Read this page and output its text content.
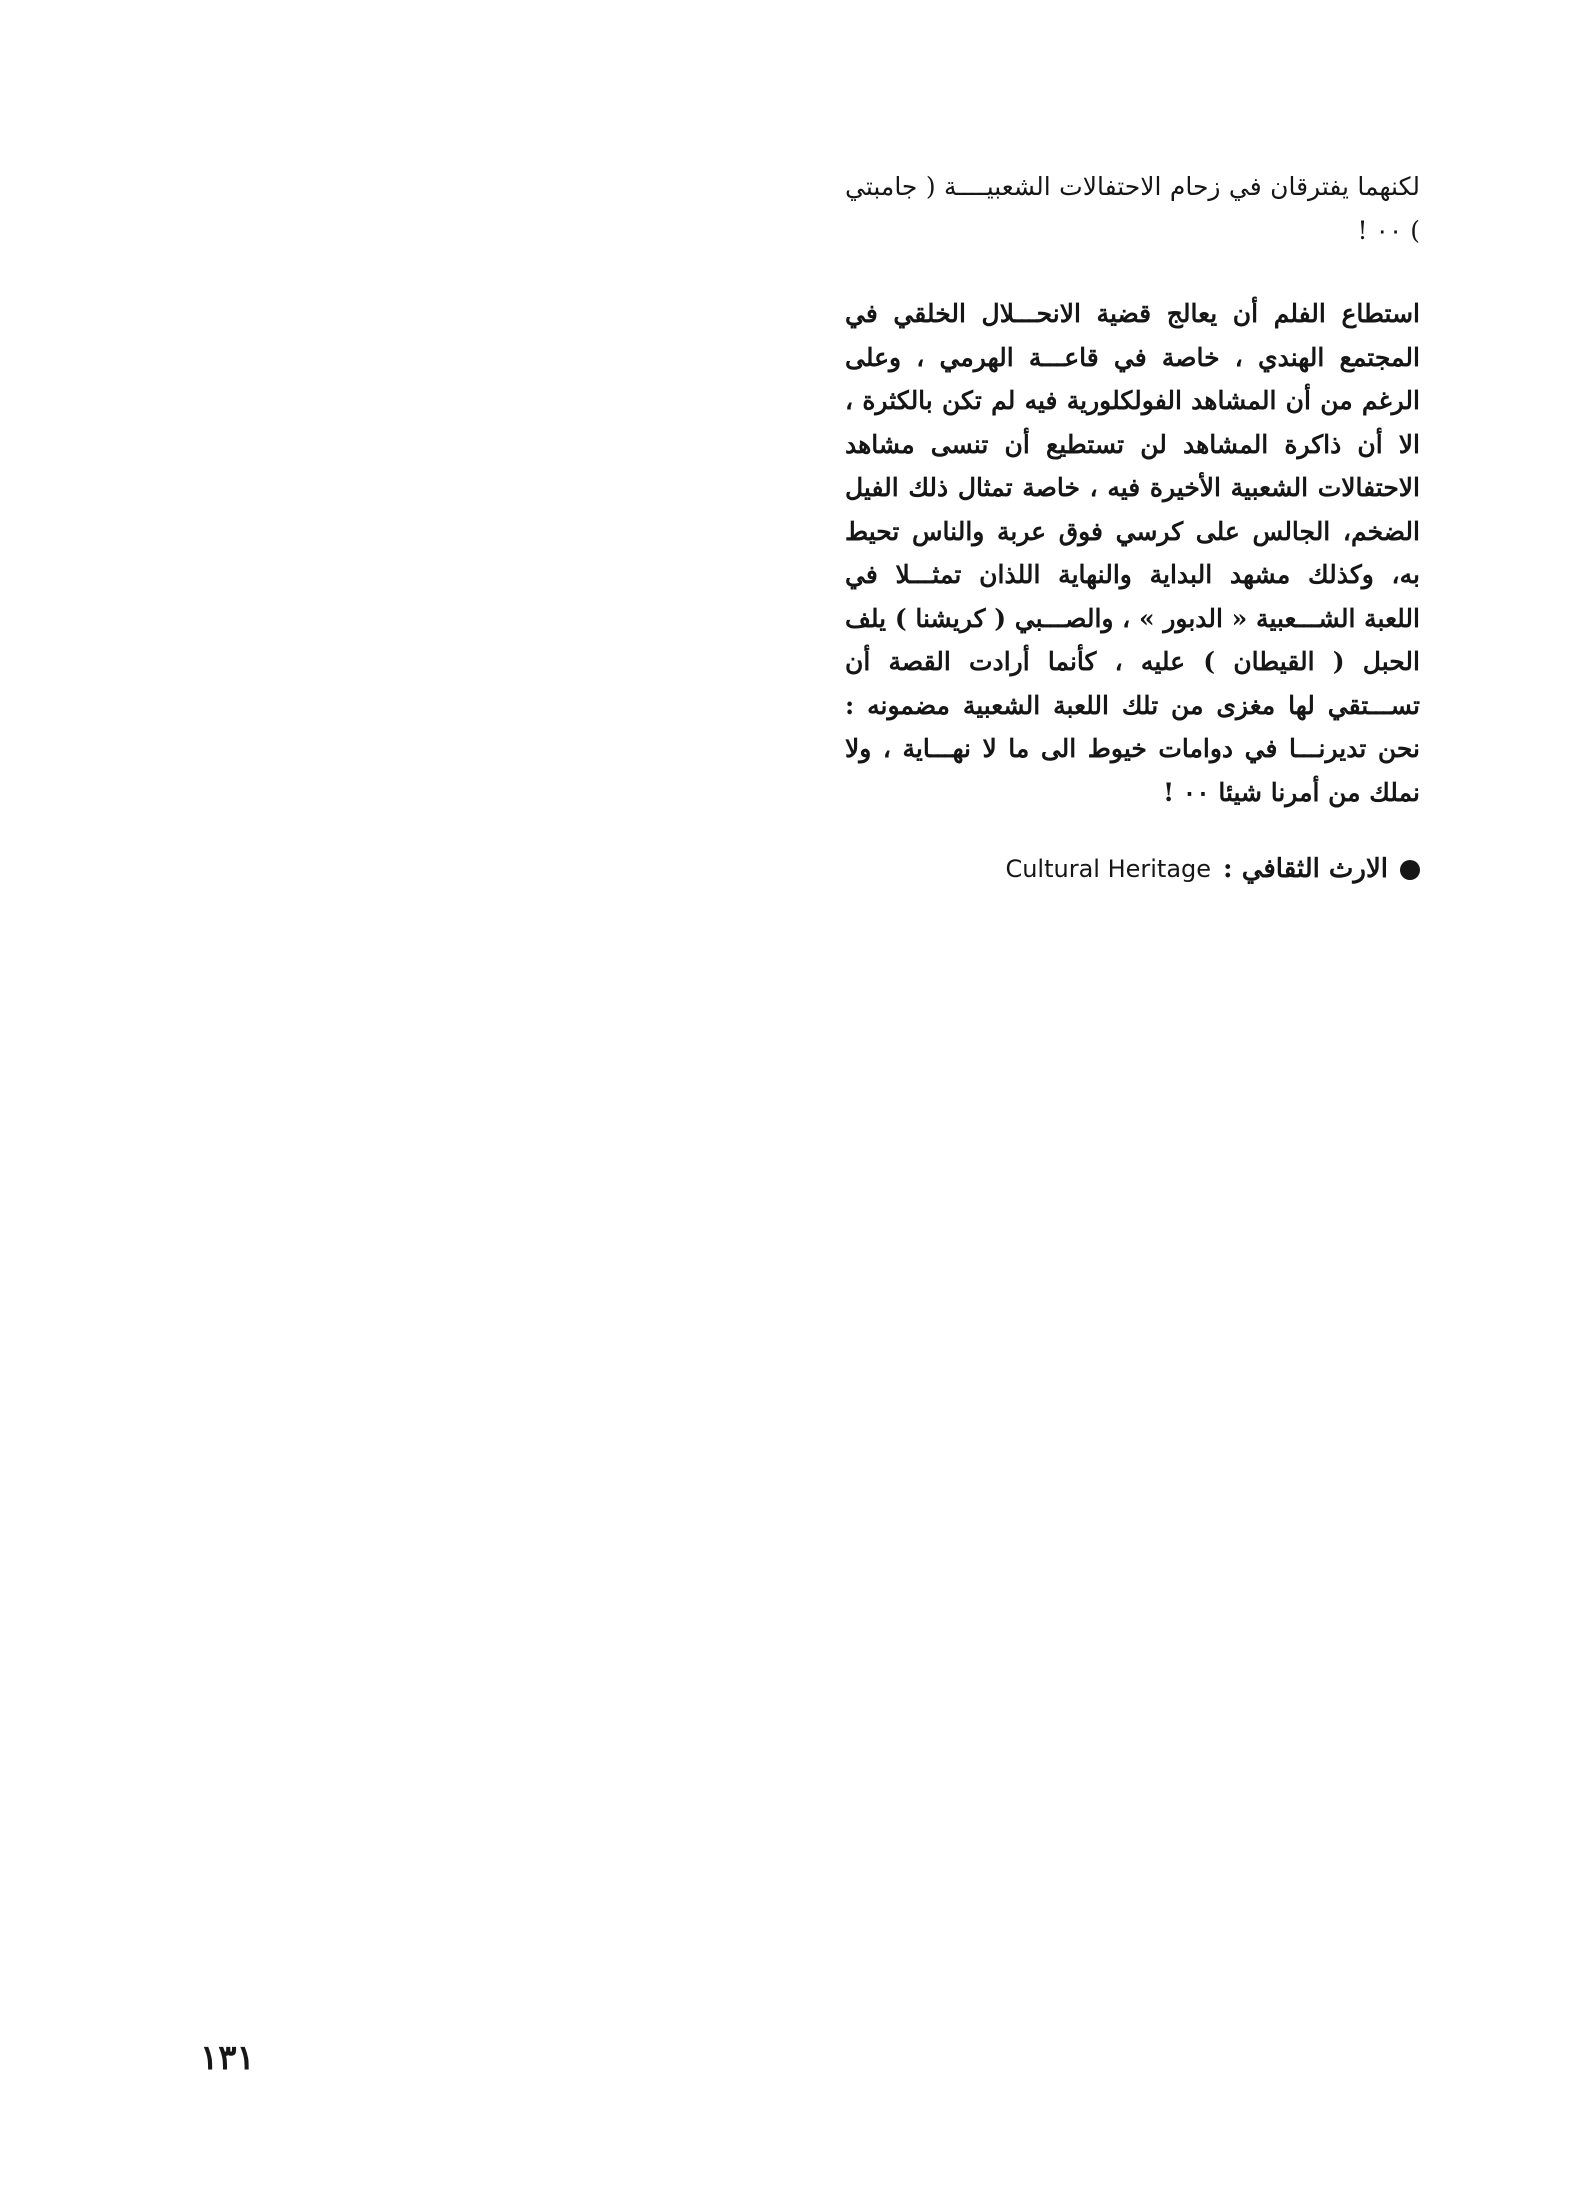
لكنهما يفترقان في زحام الاحتفالات الشعبيــــة ( جامبتي ) ٠٠ !

استطاع الفلم أن يعالج قضية الانحـــلال الخلقي في المجتمع الهندي ، خاصة في قاعـــة الهرمي ، وعلى الرغم من أن المشاهد الفولكلورية فيه لم تكن بالكثرة ، الا أن ذاكرة المشاهد لن تستطيع أن تنسى مشاهد الاحتفالات الشعبية الأخيرة فيه ، خاصة تمثال ذلك الفيل الضخم، الجالس على كرسي فوق عربة والناس تحيط به، وكذلك مشهد البداية والنهاية اللذان تمثـــلا في اللعبة الشـــعبية « الدبور » ، والصـــبي ( كريشنا ) يلف الحبل ( القيطان ) عليه ، كأنما أرادت القصة أن تســـتقي لها مغزى من تلك اللعبة الشعبية مضمونه : نحن تديرنـــا في دوامات خيوط الى ما لا نهـــاية ، ولا نملك من أمرنا شيئا ٠٠ !

الارث الثقافي :
Cultural Heritage
١٣١
